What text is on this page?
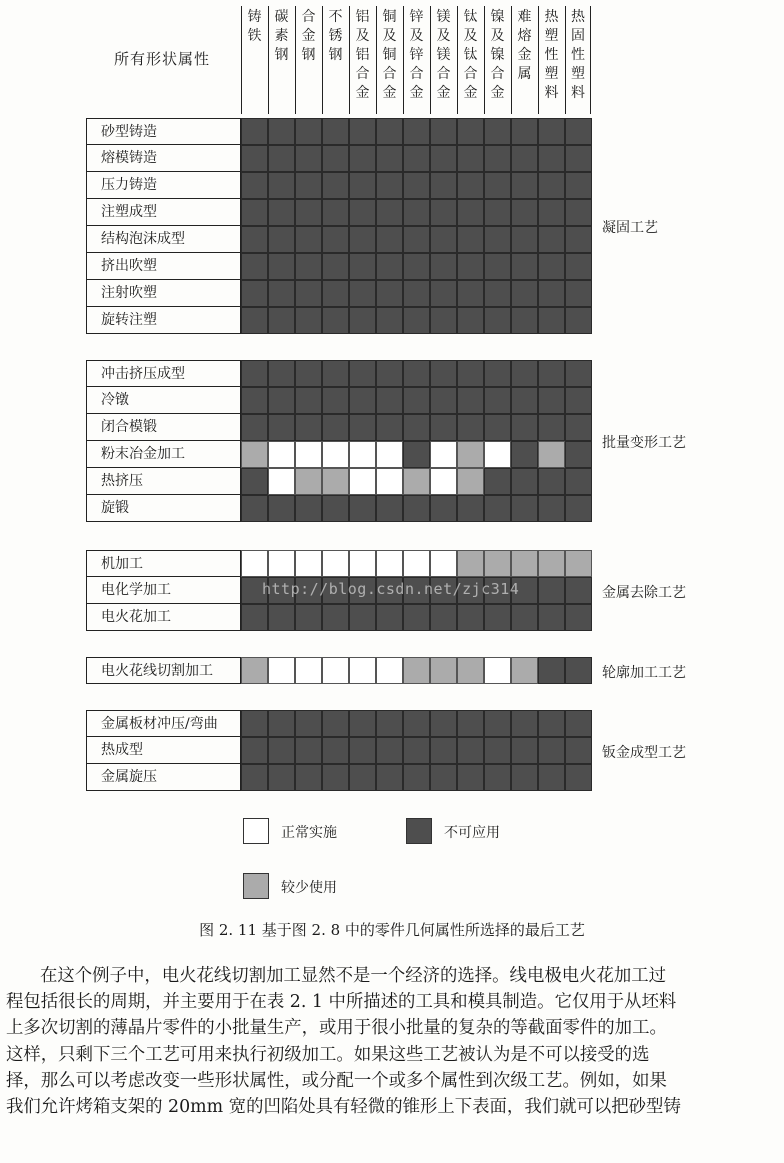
所有形状属性
铸
铁
碳
素
钢
合
金
钢
不
锈
钢
铝
及
铝
合
金
铜
及
铜
合
金
锌
及
锌
合
金
镁
及
镁
合
金
钛
及
钛
合
金
镍
及
镍
合
金
难
熔
金
属
热
塑
性
塑
料
热
固
性
塑
料
砂型铸造
熔模铸造
压力铸造
注塑成型
结构泡沫成型
挤出吹塑
注射吹塑
旋转注塑
凝固工艺
冲击挤压成型
冷镦
闭合模锻
粉末冶金加工
热挤压
旋锻
批量变形工艺
机加工
电化学加工
电火花加工
金属去除工艺
电火花线切割加工	轮廓加工工艺
金属板材冲压/弯曲
热成型
金属旋压
钣金成型工艺
http://blog.csdn.net/zjc314
正常实施	不可应用
较少使用
图 2. 11 基于图 2. 8 中的零件几何属性所选择的最后工艺
在这个例子中，电火花线切割加工显然不是一个经济的选择。线电极电火花加工过
程包括很长的周期，并主要用于在表 2. 1 中所描述的工具和模具制造。它仅用于从坯料
上多次切割的薄晶片零件的小批量生产，或用于很小批量的复杂的等截面零件的加工。
这样，只剩下三个工艺可用来执行初级加工。如果这些工艺被认为是不可以接受的选
择，那么可以考虑改变一些形状属性，或分配一个或多个属性到次级工艺。例如，如果
我们允许烤箱支架的 20mm 宽的凹陷处具有轻微的锥形上下表面，我们就可以把砂型铸
